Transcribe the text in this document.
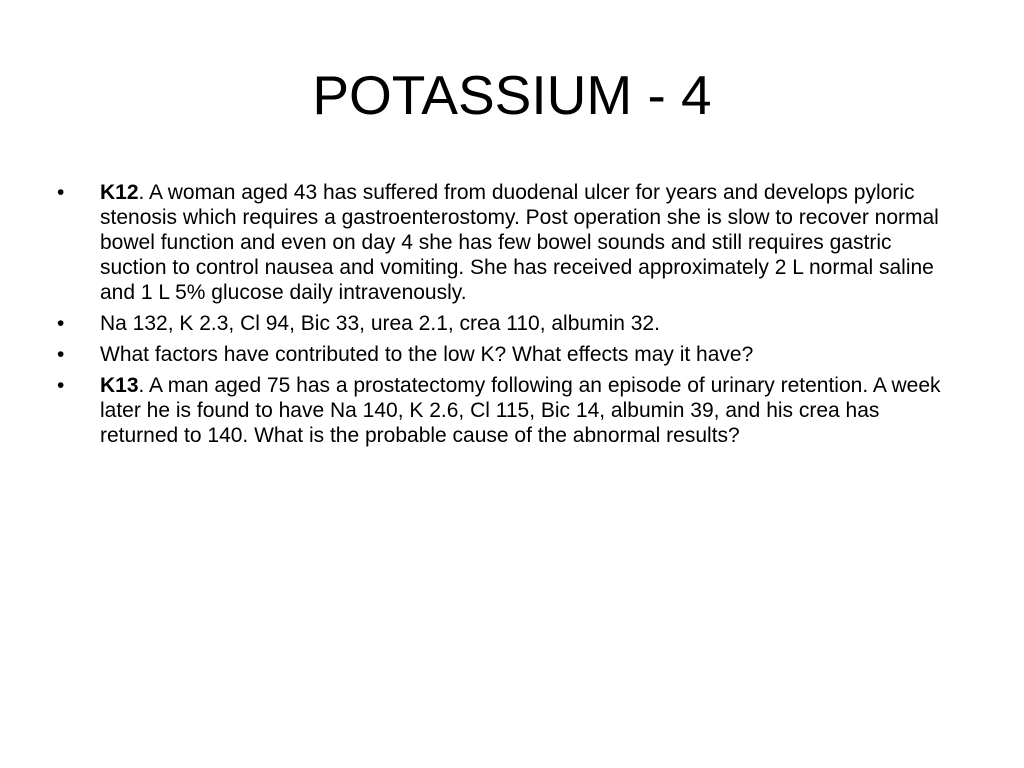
POTASSIUM - 4
•	K12. A woman aged 43 has suffered from duodenal ulcer for years and develops pyloric stenosis which requires a gastroenterostomy. Post operation she is slow to recover normal bowel function and even on day 4 she has few bowel sounds and still requires gastric suction to control nausea and vomiting. She has received approximately 2 L normal saline and 1 L 5% glucose daily intravenously.
•	Na 132, K 2.3, Cl 94, Bic 33, urea 2.1, crea 110, albumin 32.
•	What factors have contributed to the low K? What effects may it have?
•	K13. A man aged 75 has a prostatectomy following an episode of urinary retention. A week later he is found to have Na 140, K 2.6, Cl 115, Bic 14, albumin 39, and his crea has returned to 140. What is the probable cause of the abnormal results?
